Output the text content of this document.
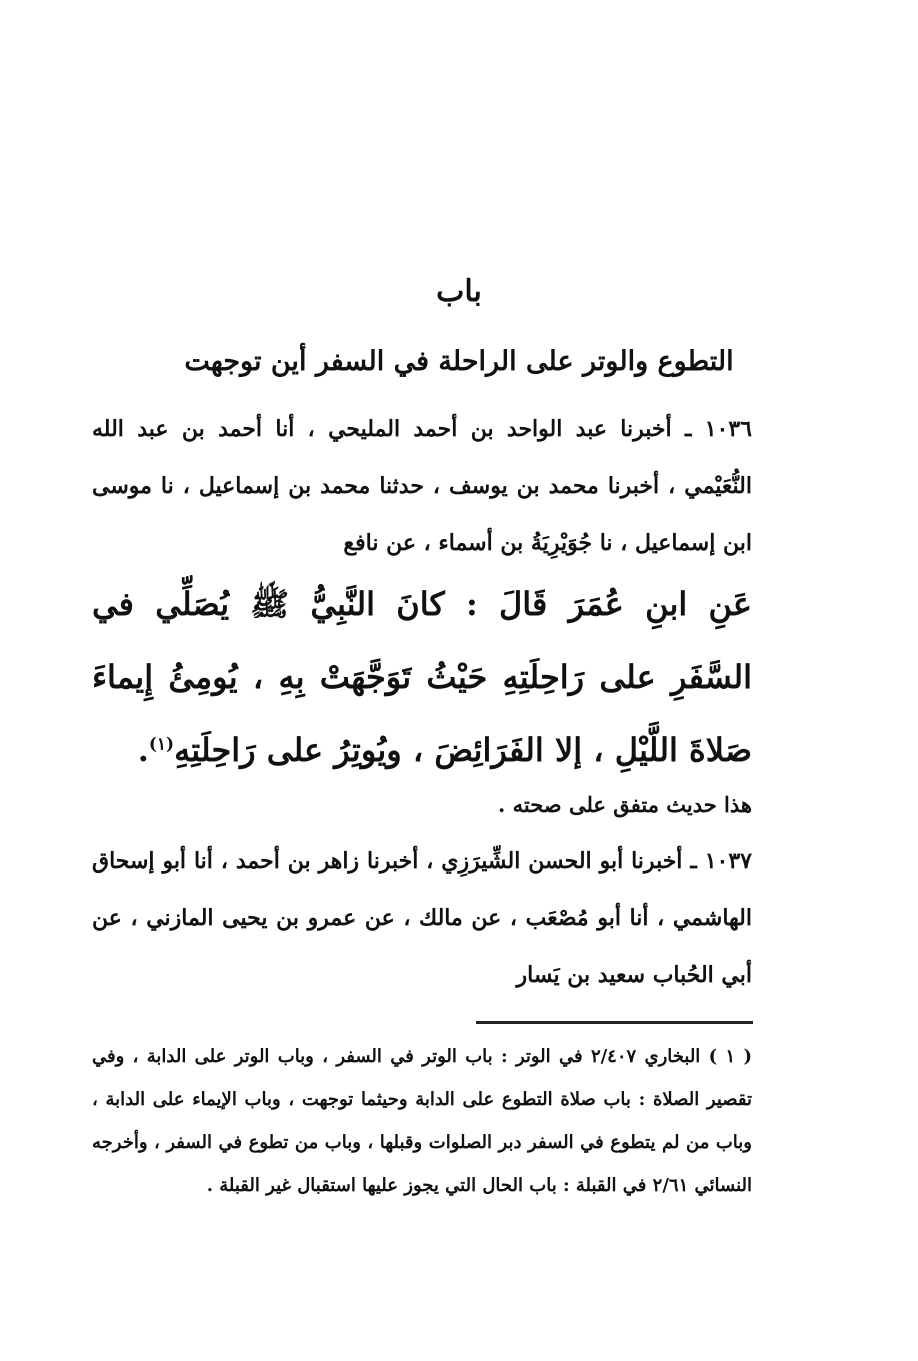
باب
التطوع والوتر على الراحلة في السفر أين توجهت
١٠٣٦ ـ أخبرنا عبد الواحد بن أحمد المليحي ، أنا أحمد بن عبد الله النُّعَيْمي ، أخبرنا محمد بن يوسف ، حدثنا محمد بن إسماعيل ، نا موسى ابن إسماعيل ، نا جُوَيْرِيَةُ بن أسماء ، عن نافع
عَنِ ابنِ عُمَرَ قَالَ : كانَ النَّبِيُّ ﷺ يُصَلِّي في السَّفَرِ على رَاحِلَتِهِ حَيْثُ تَوَجَّهَتْ بِهِ ، يُومِئُ إِيماءَ صَلاةَ اللَّيْلِ ، إلا الفَرَائِضَ ، ويُوتِرُ على رَاحِلَتِهِ$^{(١)}$.
هذا حديث متفق على صحته .
١٠٣٧ ـ أخبرنا أبو الحسن الشِّيرَزِي ، أخبرنا زاهر بن أحمد ، أنا أبو إسحاق الهاشمي ، أنا أبو مُصْعَب ، عن مالك ، عن عمرو بن يحيى المازني ، عن أبي الحُباب سعيد بن يَسار
( ١ ) البخاري ٢/٤٠٧ في الوتر : باب الوتر في السفر ، وباب الوتر على الدابة ، وفي تقصير الصلاة : باب صلاة التطوع على الدابة وحيثما توجهت ، وباب الإيماء على الدابة ، وباب من لم يتطوع في السفر دبر الصلوات وقبلها ، وباب من تطوع في السفر ، وأخرجه النسائي ٢/٦١ في القبلة : باب الحال التي يجوز عليها استقبال غير القبلة .
